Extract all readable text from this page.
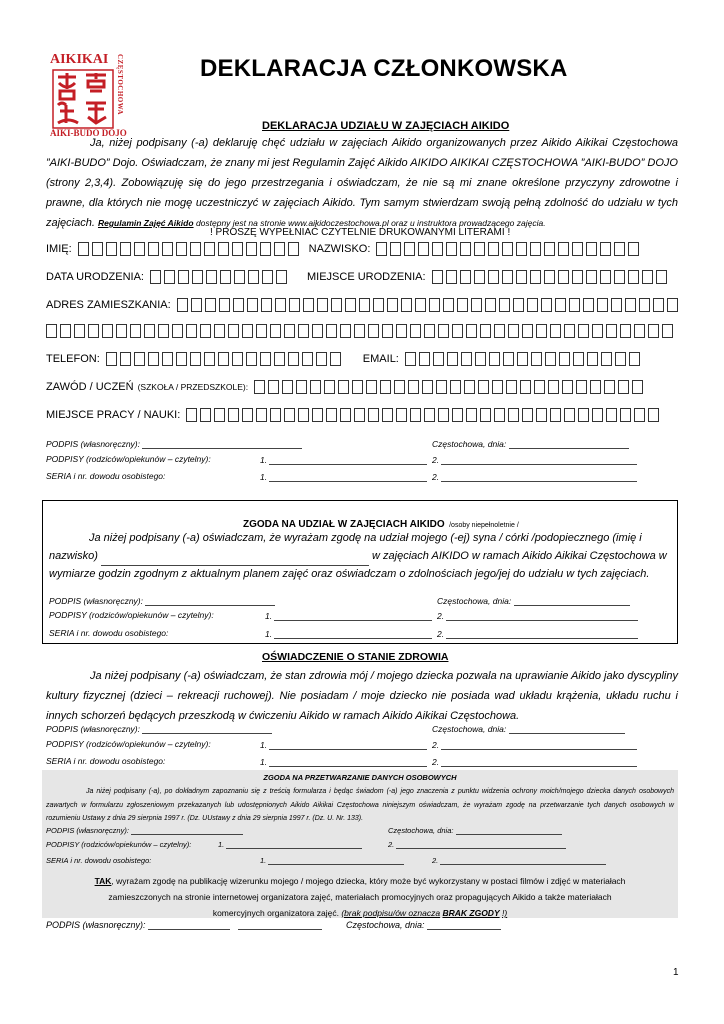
AIKIKAI CZĘSTOCHOWA
AIKI-BUDO DOJO
DEKLARACJA CZŁONKOWSKA
DEKLARACJA UDZIAŁU W ZAJĘCIACH AIKIDO
Ja, niżej podpisany (-a) deklaruję chęć udziału w zajęciach Aikido organizowanych przez Aikido Aikikai Częstochowa ”AIKI-BUDO” Dojo. Oświadczam, że znany mi jest Regulamin Zajęć Aikido AIKIDO AIKIKAI CZĘSTOCHOWA ”AIKI-BUDO” DOJO (strony 2,3,4). Zobowiązuję się do jego przestrzegania i oświadczam, że nie są mi znane określone przyczyny zdrowotne i prawne, dla których nie mogę uczestniczyć w zajęciach Aikido. Tym samym stwierdzam swoją pełną zdolność do udziału w tych zajęciach. Regulamin Zajęć Aikido dostępny jest na stronie www.aikidoczestochowa.pl oraz u instruktora prowadzącego zajęcia.
! PROSZĘ WYPEŁNIAĆ CZYTELNIE DRUKOWANYMI LITERAMI !
IMIĘ:	NAZWISKO:
DATA URODZENIA:	MIEJSCE URODZENIA:
ADRES ZAMIESZKANIA:
TELEFON:	EMAIL:
ZAWÓD / UCZEŃ (SZKOŁA / PRZEDSZKOLE):
MIEJSCE PRACY / NAUKI:
PODPIS (własnoręczny):	Częstochowa, dnia:
PODPISY (rodziców/opiekunów – czytelny):	1.	2.
SERIA i nr. dowodu osobistego:	1.	2.
ZGODA NA UDZIAŁ W ZAJĘCIACH AIKIDO /osoby niepełnoletnie /
Ja niżej podpisany (-a) oświadczam, że wyrażam zgodę na udział mojego (-ej) syna / córki /podopiecznego (imię i
nazwisko)	w zajęciach AIKIDO w ramach Aikido Aikikai Częstochowa w
wymiarze godzin zgodnym z aktualnym planem zajęć oraz oświadczam o zdolnościach jego/jej do udziału w tych zajęciach.
PODPIS (własnoręczny):	Częstochowa, dnia:
PODPISY (rodziców/opiekunów – czytelny):	1.	2.
SERIA i nr. dowodu osobistego:	1.	2.
OŚWIADCZENIE O STANIE ZDROWIA
Ja niżej podpisany (-a) oświadczam, że stan zdrowia mój / mojego dziecka pozwala na uprawianie Aikido jako dyscypliny kultury fizycznej (dzieci – rekreacji ruchowej). Nie posiadam / moje dziecko nie posiada wad układu krążenia, układu ruchu i innych schorzeń będących przeszkodą w ćwiczeniu Aikido w ramach Aikido Aikikai Częstochowa.
PODPIS (własnoręczny):	Częstochowa, dnia:
PODPISY (rodziców/opiekunów – czytelny):	1.	2.
SERIA i nr. dowodu osobistego:	1.	2.
ZGODA NA PRZETWARZANIE DANYCH OSOBOWYCH
Ja niżej podpisany (-a), po dokładnym zapoznaniu się z treścią formularza i będąc świadom (-a) jego znaczenia z punktu widzenia ochrony moich/mojego dziecka danych osobowych zawartych w formularzu zgłoszeniowym przekazanych lub udostępnionych Aikido Aikikai Częstochowa niniejszym oświadczam, że wyrażam zgodę na przetwarzanie tych danych osobowych w rozumieniu Ustawy z dnia 29 sierpnia 1997 r. (Dz. UUstawy z dnia 29 sierpnia 1997 r. (Dz. U. Nr. 133).
PODPIS (własnoręczny):	Częstochowa, dnia:
PODPISY (rodziców/opiekunów – czytelny):	1.	2.
SERIA i nr. dowodu osobistego:	1.	2.
TAK, wyrażam zgodę na publikację wizerunku mojego / mojego dziecka, który może być wykorzystany w postaci filmów i zdjęć w materiałach
zamieszczonych na stronie internetowej organizatora zajęć, materiałach promocyjnych oraz propagujących Aikido a także materiałach
komercyjnych organizatora zajęć. (brak podpisu/ów oznacza BRAK ZGODY !)
PODPIS (własnoręczny):	Częstochowa, dnia:
1
